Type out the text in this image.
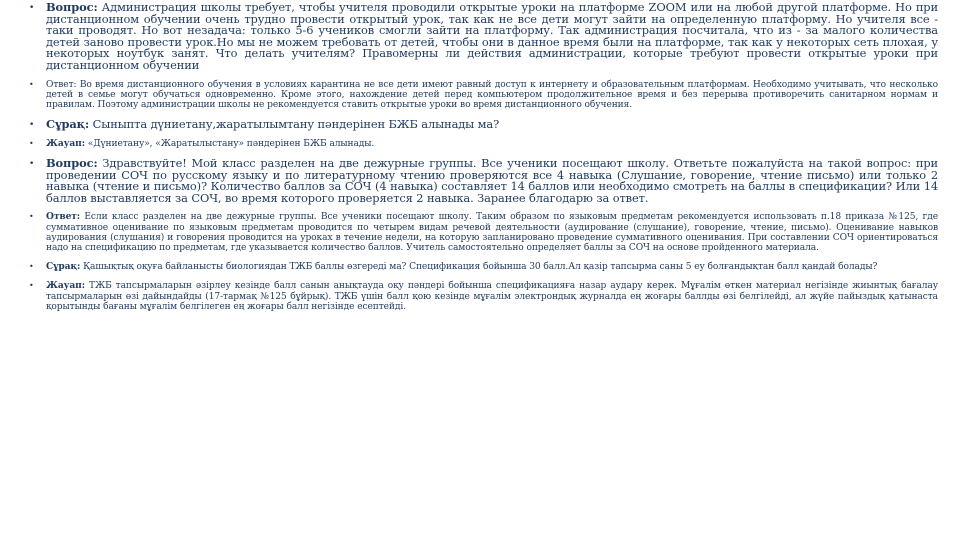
• Вопрос: Администрация школы требует, чтобы учителя проводили открытые уроки на платформе ZOOM или на любой другой платформе. Но при дистанционном обучении очень трудно провести открытый урок, так как не все дети могут зайти на определенную платформу. Но учителя все - таки проводят. Но вот незадача: только 5-6 учеников смогли зайти на платформу. Так администрация посчитала, что из - за малого количества детей заново провести урок.Но мы не можем требовать от детей, чтобы они в данное время были на платформе, так как у некоторых сеть плохая, у некоторых ноутбук занят. Что делать учителям? Правомерны ли действия администрации, которые требуют провести открытые уроки при дистанционном обучении
• Ответ: Во время дистанционного обучения в условиях карантина не все дети имеют равный доступ к интернету и образовательным платформам. Необходимо учитывать, что несколько детей в семье могут обучаться одновременно. Кроме этого, нахождение детей перед компьютером продолжительное время и без перерыва противоречить санитарном нормам и правилам. Поэтому администрации школы не рекомендуется ставить открытые уроки во время дистанционного обучения.
• Сұрақ: Сыныпта дүниетану,жаратылымтану пәндерінен БЖБ алынады ма?
• Жауап: «Дүниетану», «Жаратылыстану» пәндерінен БЖБ алынады.
• Вопрос: Здравствуйте! Мой класс разделен на две дежурные группы. Все ученики посещают школу. Ответьте пожалуйста на такой вопрос: при проведении СОЧ по русскому языку и по литературному чтению проверяются все 4 навыка (Слушание, говорение, чтение письмо) или только 2 навыка (чтение и письмо)? Количество баллов за СОЧ (4 навыка) составляет 14 баллов или необходимо смотреть на баллы в спецификации? Или 14 баллов выставляется за СОЧ, во время которого проверяется 2 навыка. Заранее благодарю за ответ.
• Ответ: Если класс разделен на две дежурные группы. Все ученики посещают школу. Таким образом по языковым предметам рекомендуется использовать п.18 приказа №125, где суммативное оценивание по языковым предметам проводится по четырем видам речевой деятельности (аудирование (слушание), говорение, чтение, письмо). Оценивание навыков аудирования (слушания) и говорения проводится на уроках в течение недели, на которую запланировано проведение суммативного оценивания. При составлении СОЧ ориентироваться надо на спецификацию по предметам, где указывается количество баллов. Учитель самостоятельно определяет баллы за СОЧ на основе пройденного материала.
• Сұрақ: Қашықтық оқуға байланысты биологиядан ТЖБ баллы өзгереді ма? Спецификация бойынша 30 балл.Ал қазір тапсырма саны 5 еу болғандықтан балл қандай болады?
• Жауап: ТЖБ тапсырмаларын әзірлеу кезінде балл санын анықтауда оқу пәндері бойынша спецификацияға назар аудару керек. Мұғалім өткен материал негізінде жиынтық бағалау тапсырмаларын өзі дайындайды (17-тармақ №125 бұйрық). ТЖБ үшін балл қою кезінде мұғалім электрондық журналда ең жоғары баллды өзі белгілейді, ал жүйе пайыздық қатынаста қорытынды бағаны мұғалім белгілеген ең жоғары балл негізінде есептейді.
